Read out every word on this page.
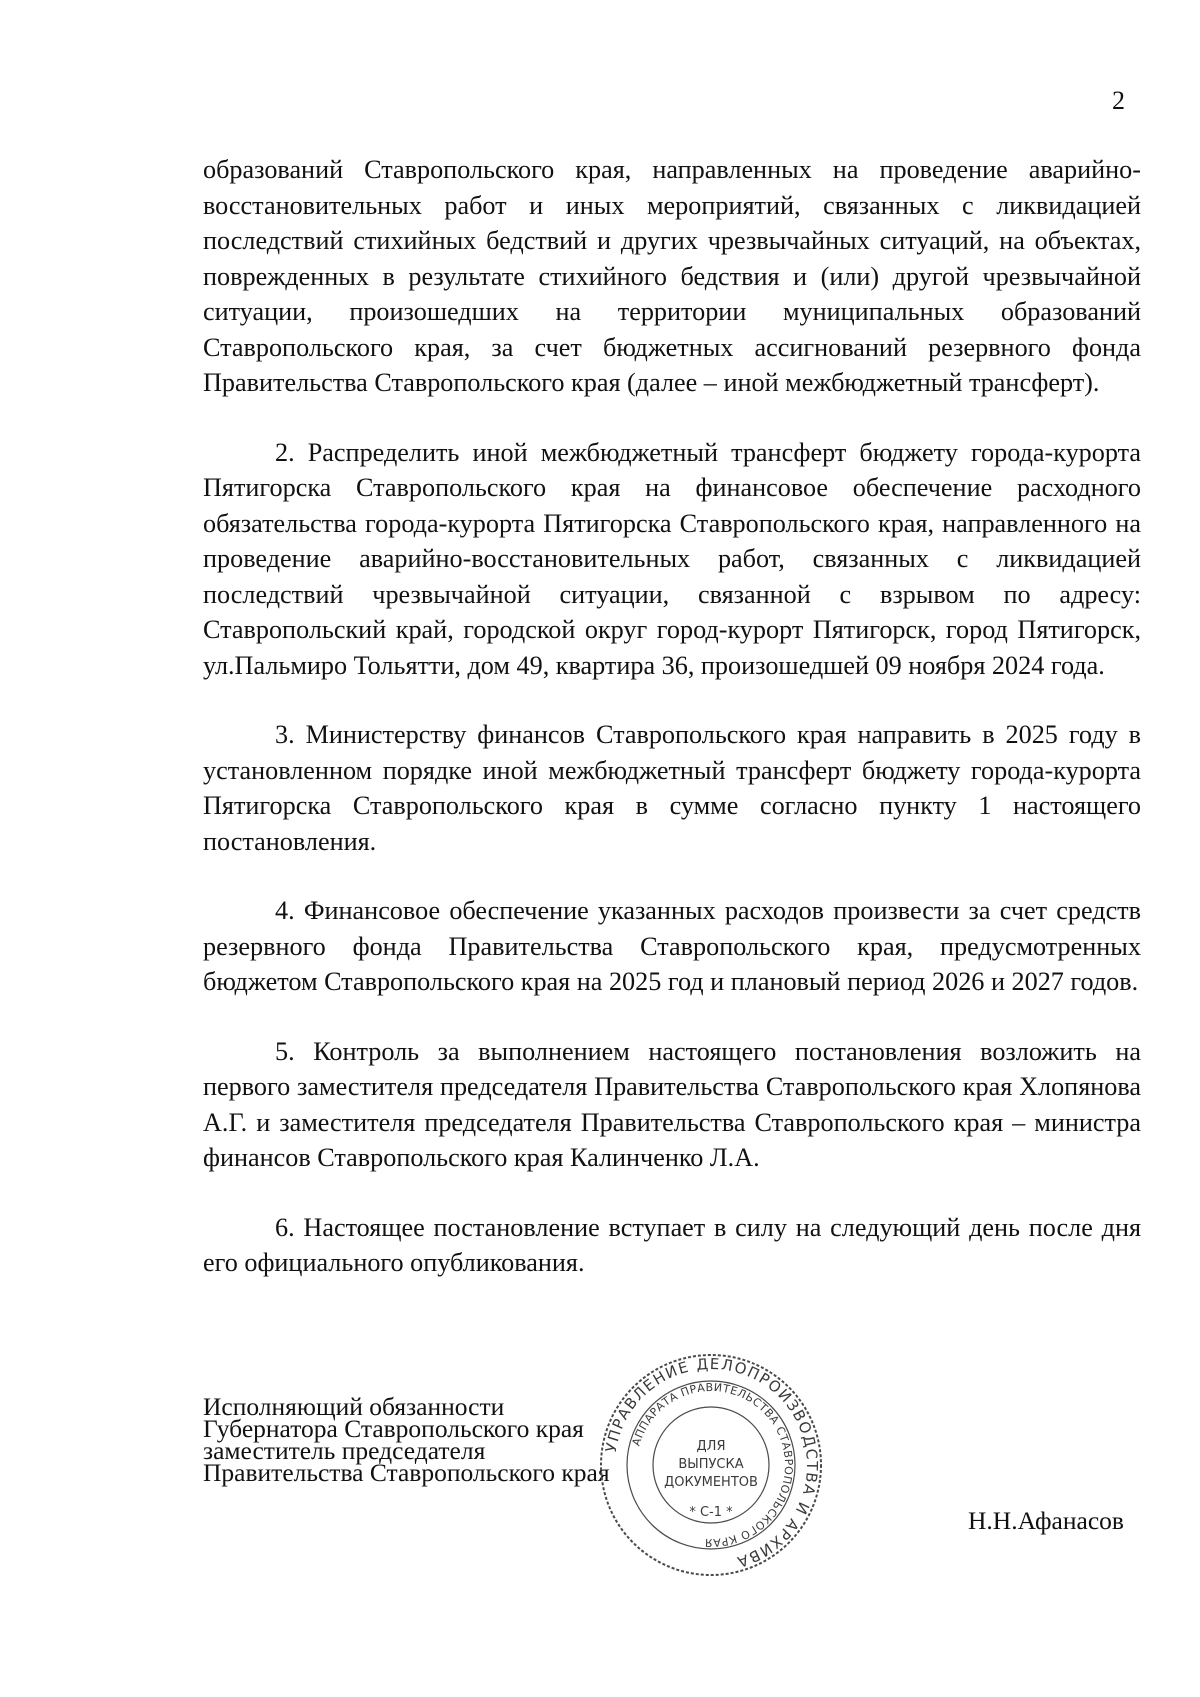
2

образований Ставропольского края, направленных на проведение аварийно-восстановительных работ и иных мероприятий, связанных с ликвидацией последствий стихийных бедствий и других чрезвычайных ситуаций, на объектах, поврежденных в результате стихийного бедствия и (или) другой чрезвычайной ситуации, произошедших на территории муниципальных образований Ставропольского края, за счет бюджетных ассигнований резервного фонда Правительства Ставропольского края (далее – иной межбюджетный трансферт).

2. Распределить иной межбюджетный трансферт бюджету города-курорта Пятигорска Ставропольского края на финансовое обеспечение расходного обязательства города-курорта Пятигорска Ставропольского края, направленного на проведение аварийно-восстановительных работ, связанных с ликвидацией последствий чрезвычайной ситуации, связанной с взрывом по адресу: Ставропольский край, городской округ город-курорт Пятигорск, город Пятигорск, ул.Пальмиро Тольятти, дом 49, квартира 36, произошедшей 09 ноября 2024 года.

3. Министерству финансов Ставропольского края направить в 2025 году в установленном порядке иной межбюджетный трансферт бюджету города-курорта Пятигорска Ставропольского края в сумме согласно пункту 1 настоящего постановления.

4. Финансовое обеспечение указанных расходов произвести за счет средств резервного фонда Правительства Ставропольского края, предусмотренных бюджетом Ставропольского края на 2025 год и плановый период 2026 и 2027 годов.

5. Контроль за выполнением настоящего постановления возложить на первого заместителя председателя Правительства Ставропольского края Хлопянова А.Г. и заместителя председателя Правительства Ставропольского края – министра финансов Ставропольского края Калинченко Л.А.

6. Настоящее постановление вступает в силу на следующий день после дня его официального опубликования.

Исполняющий обязанности
Губернатора Ставропольского края
заместитель председателя
Правительства Ставропольского края
Н.Н.Афанасов
УПРАВЛЕНИЕ ДЕЛОПРОИЗВОДСТВА И АРХИВА
АППАРАТА ПРАВИТЕЛЬСТВА СТАВРОПОЛЬСКОГО КРАЯ
ДЛЯ
ВЫПУСКА
ДОКУМЕНТОВ
* С-1 *
